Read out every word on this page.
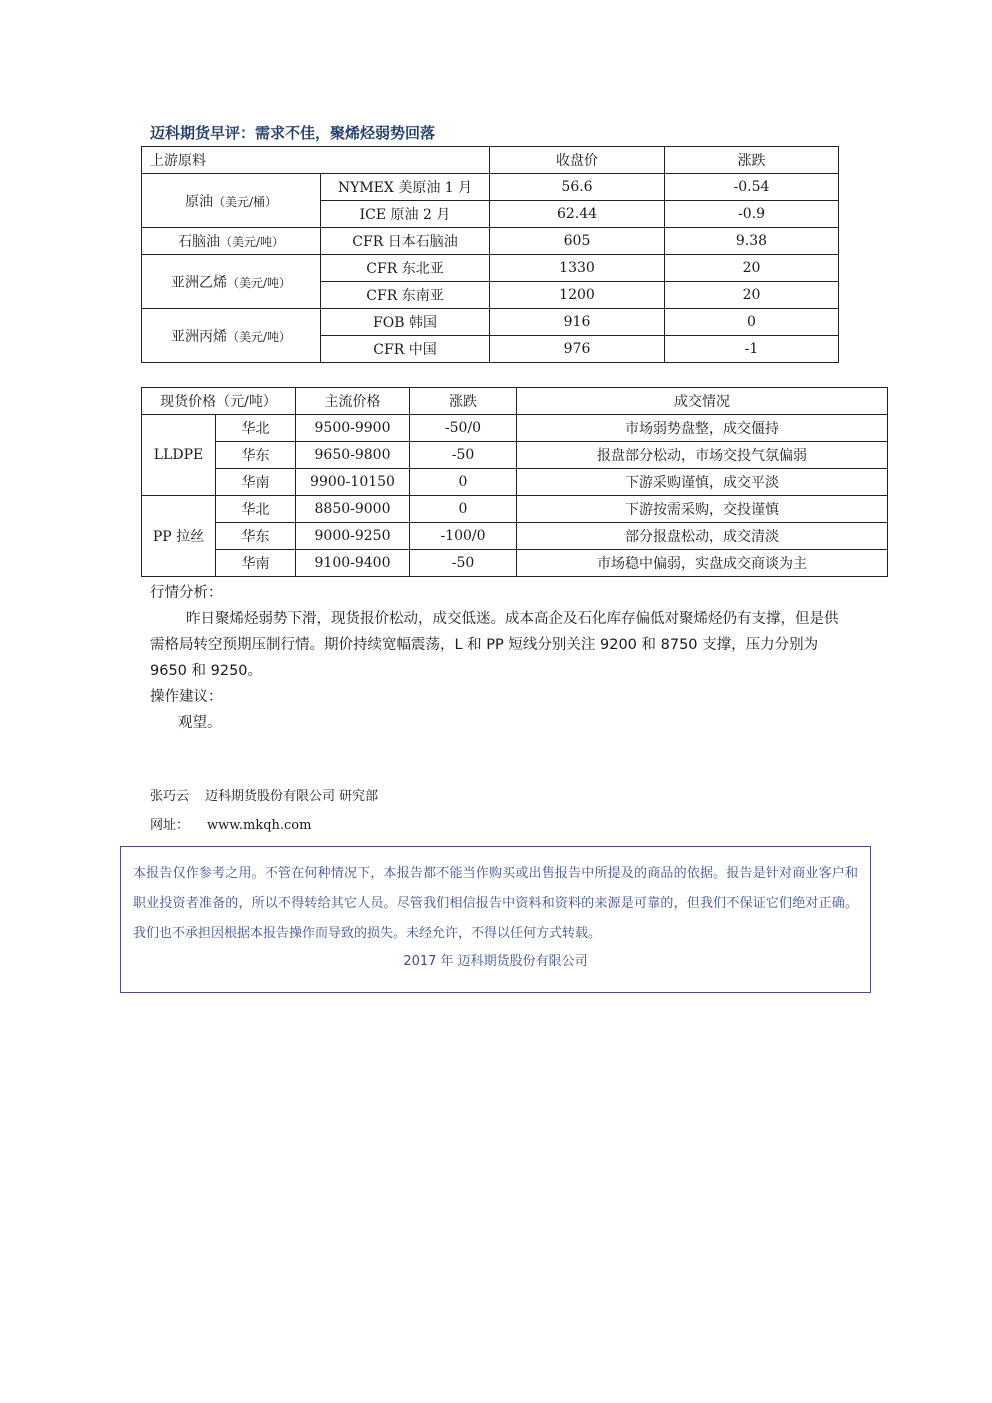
迈科期货早评：需求不佳，聚烯烃弱势回落
上游原料		收盘价	涨跌
原油（美元/桶）	NYMEX 美原油 1 月	56.6	-0.54
	ICE 原油 2 月	62.44	-0.9
石脑油（美元/吨）	CFR 日本石脑油	605	9.38
亚洲乙烯（美元/吨）	CFR 东北亚	1330	20
	CFR 东南亚	1200	20
亚洲丙烯（美元/吨）	FOB 韩国	916	0
	CFR 中国	976	-1
现货价格（元/吨）		主流价格	涨跌	成交情况
LLDPE	华北	9500-9900	-50/0	市场弱势盘整，成交僵持
	华东	9650-9800	-50	报盘部分松动，市场交投气氛偏弱
	华南	9900-10150	0	下游采购谨慎，成交平淡
PP 拉丝	华北	8850-9000	0	下游按需采购，交投谨慎
	华东	9000-9250	-100/0	部分报盘松动，成交清淡
	华南	9100-9400	-50	市场稳中偏弱，实盘成交商谈为主

行情分析：

昨日聚烯烃弱势下滑，现货报价松动，成交低迷。成本高企及石化库存偏低对聚烯烃仍有支撑，但是供需格局转空预期压制行情。期价持续宽幅震荡，L 和 PP 短线分别关注 9200 和 8750 支撑，压力分别为 9650 和 9250。

操作建议：

观望。

张巧云 迈科期货股份有限公司 研究部
网址： www.mkqh.com
本报告仅作参考之用。不管在何种情况下，本报告都不能当作购买或出售报告中所提及的商品的依据。报告是针对商业客户和职业投资者准备的，所以不得转给其它人员。尽管我们相信报告中资料和资料的来源是可靠的，但我们不保证它们绝对正确。我们也不承担因根据本报告操作而导致的损失。未经允许，不得以任何方式转载。
2017 年 迈科期货股份有限公司
